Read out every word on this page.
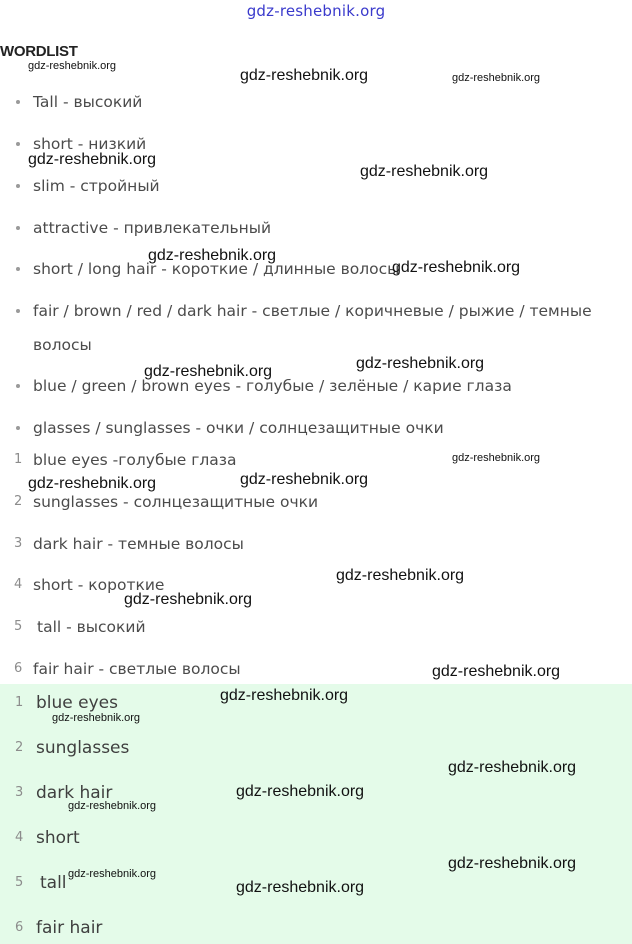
gdz-reshebnik.org
WORDLIST
Tall - высокий
short - низкий
slim - стройный
attractive - привлекательный
short / long hair - короткие / длинные волосы
fair / brown / red / dark hair - светлые / коричневые / рыжие / темные волосы
blue / green / brown eyes - голубые / зелёные / карие глаза
glasses / sunglasses - очки / солнцезащитные очки
1 blue eyes -голубые глаза
2 sunglasses - солнцезащитные очки
3 dark hair - темные волосы
4 short - короткие
5 tall - высокий
6 fair hair - светлые волосы
1 blue eyes
2 sunglasses
3 dark hair
4 short
5 tall
6 fair hair
gdz-reshebnik.org
gdz-reshebnik.org	gdz-reshebnik.org
gdz-reshebnik.org
gdz-reshebnik.org
gdz-reshebnik.org
gdz-reshebnik.org
gdz-reshebnik.org	gdz-reshebnik.org
gdz-reshebnik.org
gdz-reshebnik.org
gdz-reshebnik.org
gdz-reshebnik.org
gdz-reshebnik.org
gdz-reshebnik.org
gdz-reshebnik.org
gdz-reshebnik.org
gdz-reshebnik.org
gdz-reshebnik.org
gdz-reshebnik.org
gdz-reshebnik.org
gdz-reshebnik.org
gdz-reshebnik.org
